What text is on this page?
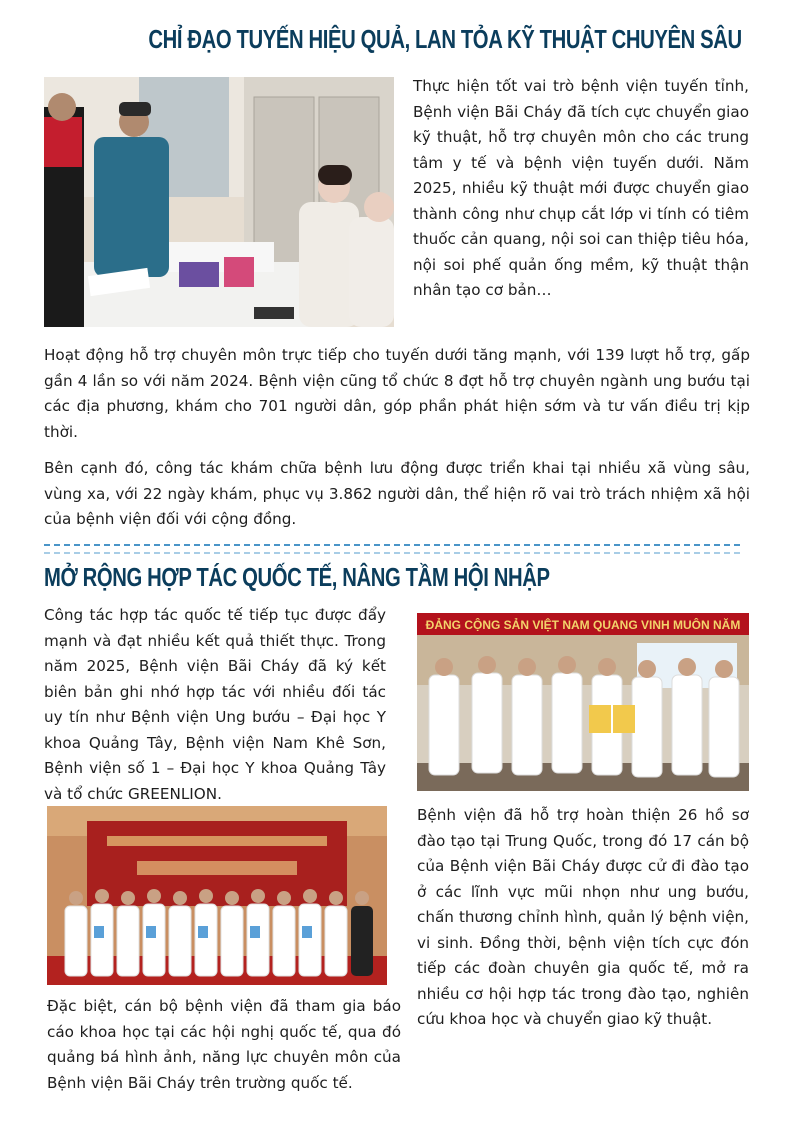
CHỈ ĐẠO TUYẾN HIỆU QUẢ, LAN TỎA KỸ THUẬT CHUYÊN SÂU

Thực hiện tốt vai trò bệnh viện tuyến tỉnh, Bệnh viện Bãi Cháy đã tích cực chuyển giao kỹ thuật, hỗ trợ chuyên môn cho các trung tâm y tế và bệnh viện tuyến dưới. Năm 2025, nhiều kỹ thuật mới được chuyển giao thành công như chụp cắt lớp vi tính có tiêm thuốc cản quang, nội soi can thiệp tiêu hóa, nội soi phế quản ống mềm, kỹ thuật thận nhân tạo cơ bản…

Hoạt động hỗ trợ chuyên môn trực tiếp cho tuyến dưới tăng mạnh, với 139 lượt hỗ trợ, gấp gần 4 lần so với năm 2024. Bệnh viện cũng tổ chức 8 đợt hỗ trợ chuyên ngành ung bướu tại các địa phương, khám cho 701 người dân, góp phần phát hiện sớm và tư vấn điều trị kịp thời.

Bên cạnh đó, công tác khám chữa bệnh lưu động được triển khai tại nhiều xã vùng sâu, vùng xa, với 22 ngày khám, phục vụ 3.862 người dân, thể hiện rõ vai trò trách nhiệm xã hội của bệnh viện đối với cộng đồng.

MỞ RỘNG HỢP TÁC QUỐC TẾ, NÂNG TẦM HỘI NHẬP

Công tác hợp tác quốc tế tiếp tục được đẩy mạnh và đạt nhiều kết quả thiết thực. Trong năm 2025, Bệnh viện Bãi Cháy đã ký kết biên bản ghi nhớ hợp tác với nhiều đối tác uy tín như Bệnh viện Ung bướu – Đại học Y khoa Quảng Tây, Bệnh viện Nam Khê Sơn, Bệnh viện số 1 – Đại học Y khoa Quảng Tây và tổ chức GREENLION.

ĐẢNG CỘNG SẢN VIỆT NAM QUANG VINH MUÔN NĂM

Bệnh viện đã hỗ trợ hoàn thiện 26 hồ sơ đào tạo tại Trung Quốc, trong đó 17 cán bộ của Bệnh viện Bãi Cháy được cử đi đào tạo ở các lĩnh vực mũi nhọn như ung bướu, chấn thương chỉnh hình, quản lý bệnh viện, vi sinh. Đồng thời, bệnh viện tích cực đón tiếp các đoàn chuyên gia quốc tế, mở ra nhiều cơ hội hợp tác trong đào tạo, nghiên cứu khoa học và chuyển giao kỹ thuật.

Đặc biệt, cán bộ bệnh viện đã tham gia báo cáo khoa học tại các hội nghị quốc tế, qua đó quảng bá hình ảnh, năng lực chuyên môn của Bệnh viện Bãi Cháy trên trường quốc tế.
